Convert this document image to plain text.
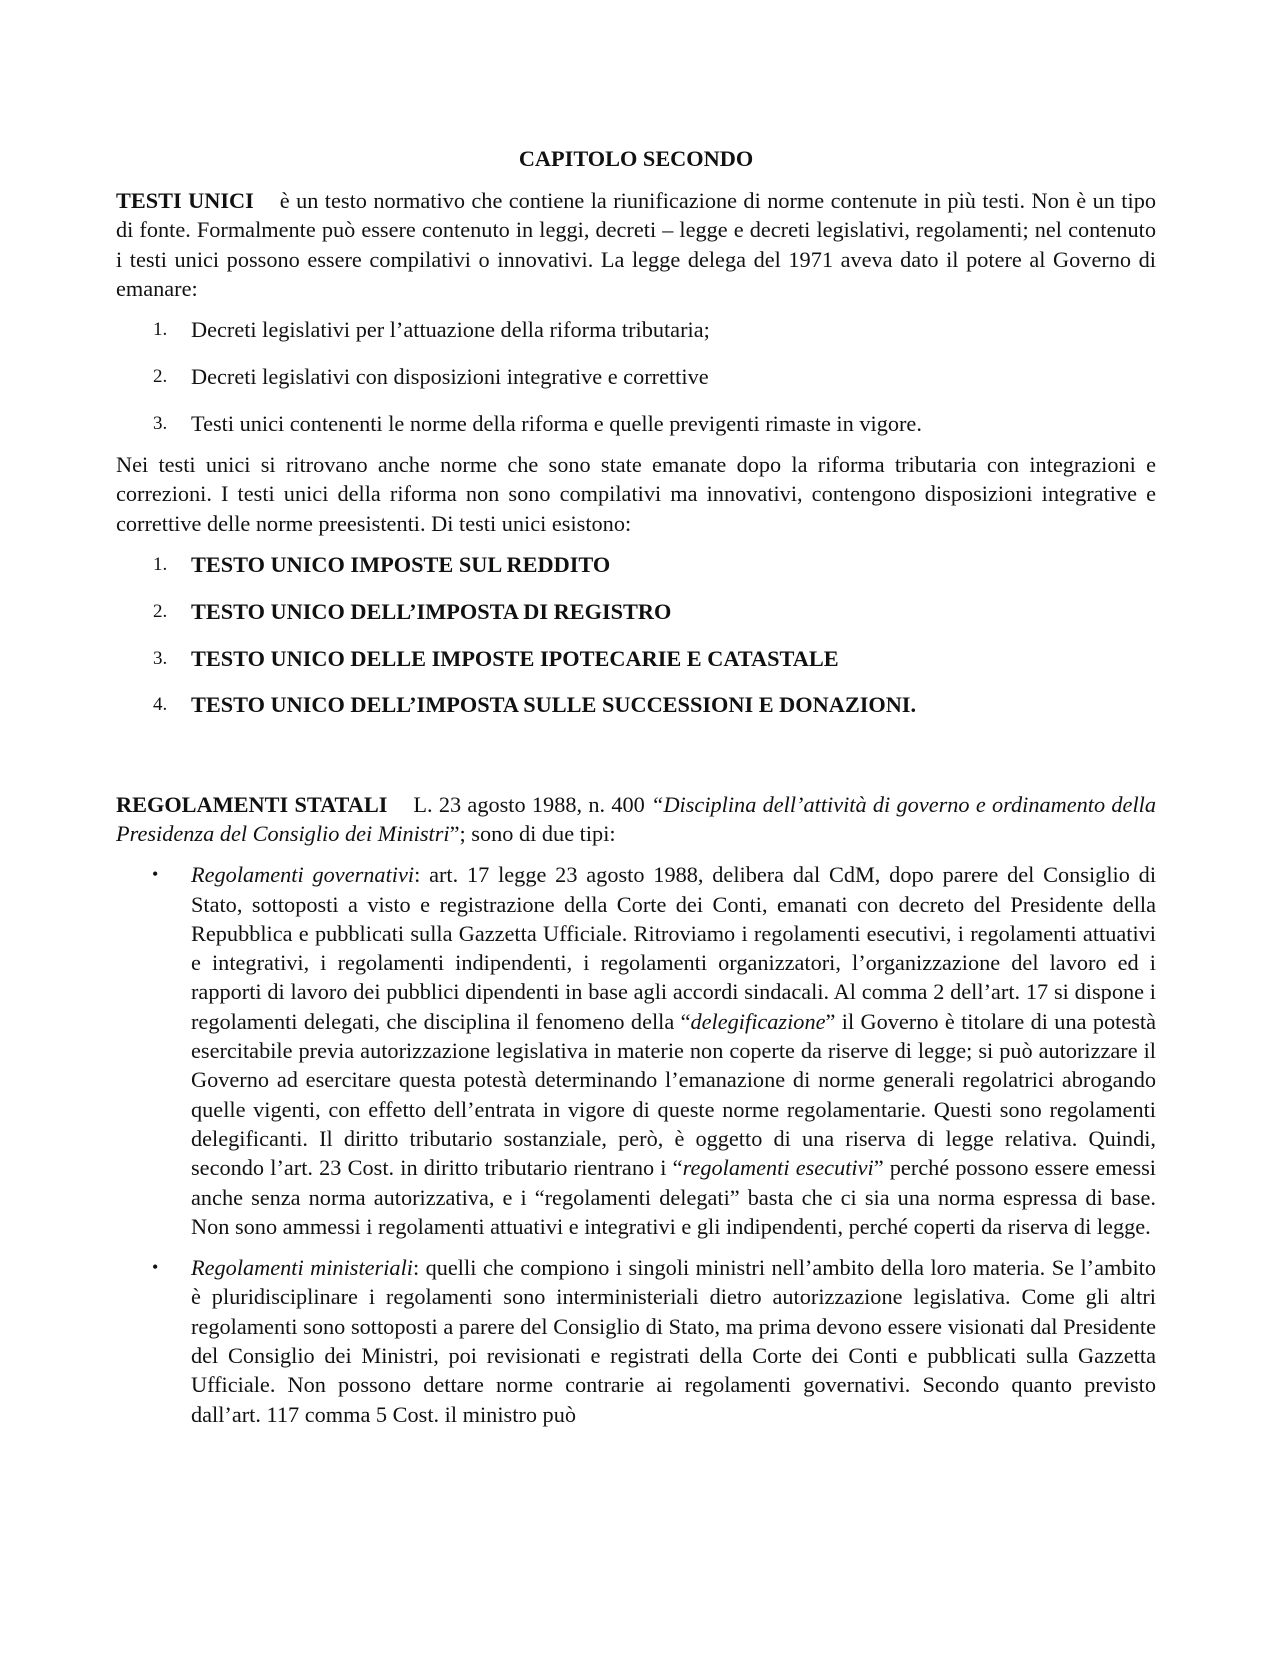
CAPITOLO SECONDO

TESTI UNICI è un testo normativo che contiene la riunificazione di norme contenute in più testi. Non è un tipo di fonte. Formalmente può essere contenuto in leggi, decreti – legge e decreti legislativi, regolamenti; nel contenuto i testi unici possono essere compilativi o innovativi. La legge delega del 1971 aveva dato il potere al Governo di emanare:

1. Decreti legislativi per l’attuazione della riforma tributaria;
2. Decreti legislativi con disposizioni integrative e correttive
3. Testi unici contenenti le norme della riforma e quelle previgenti rimaste in vigore.

Nei testi unici si ritrovano anche norme che sono state emanate dopo la riforma tributaria con integrazioni e correzioni. I testi unici della riforma non sono compilativi ma innovativi, contengono disposizioni integrative e correttive delle norme preesistenti. Di testi unici esistono:

1. TESTO UNICO IMPOSTE SUL REDDITO
2. TESTO UNICO DELL’IMPOSTA DI REGISTRO
3. TESTO UNICO DELLE IMPOSTE IPOTECARIE E CATASTALE
4. TESTO UNICO DELL’IMPOSTA SULLE SUCCESSIONI E DONAZIONI.

REGOLAMENTI STATALI L. 23 agosto 1988, n. 400 “Disciplina dell’attività di governo e ordinamento della Presidenza del Consiglio dei Ministri”; sono di due tipi:

• Regolamenti governativi: art. 17 legge 23 agosto 1988, delibera dal CdM, dopo parere del Consiglio di Stato, sottoposti a visto e registrazione della Corte dei Conti, emanati con decreto del Presidente della Repubblica e pubblicati sulla Gazzetta Ufficiale. Ritroviamo i regolamenti esecutivi, i regolamenti attuativi e integrativi, i regolamenti indipendenti, i regolamenti organizzatori, l’organizzazione del lavoro ed i rapporti di lavoro dei pubblici dipendenti in base agli accordi sindacali. Al comma 2 dell’art. 17 si dispone i regolamenti delegati, che disciplina il fenomeno della “delegificazione” il Governo è titolare di una potestà esercitabile previa autorizzazione legislativa in materie non coperte da riserve di legge; si può autorizzare il Governo ad esercitare questa potestà determinando l’emanazione di norme generali regolatrici abrogando quelle vigenti, con effetto dell’entrata in vigore di queste norme regolamentarie. Questi sono regolamenti delegificanti. Il diritto tributario sostanziale, però, è oggetto di una riserva di legge relativa. Quindi, secondo l’art. 23 Cost. in diritto tributario rientrano i “regolamenti esecutivi” perché possono essere emessi anche senza norma autorizzativa, e i “regolamenti delegati” basta che ci sia una norma espressa di base. Non sono ammessi i regolamenti attuativi e integrativi e gli indipendenti, perché coperti da riserva di legge.
• Regolamenti ministeriali: quelli che compiono i singoli ministri nell’ambito della loro materia. Se l’ambito è pluridisciplinare i regolamenti sono interministeriali dietro autorizzazione legislativa. Come gli altri regolamenti sono sottoposti a parere del Consiglio di Stato, ma prima devono essere visionati dal Presidente del Consiglio dei Ministri, poi revisionati e registrati della Corte dei Conti e pubblicati sulla Gazzetta Ufficiale. Non possono dettare norme contrarie ai regolamenti governativi. Secondo quanto previsto dall’art. 117 comma 5 Cost. il ministro può
